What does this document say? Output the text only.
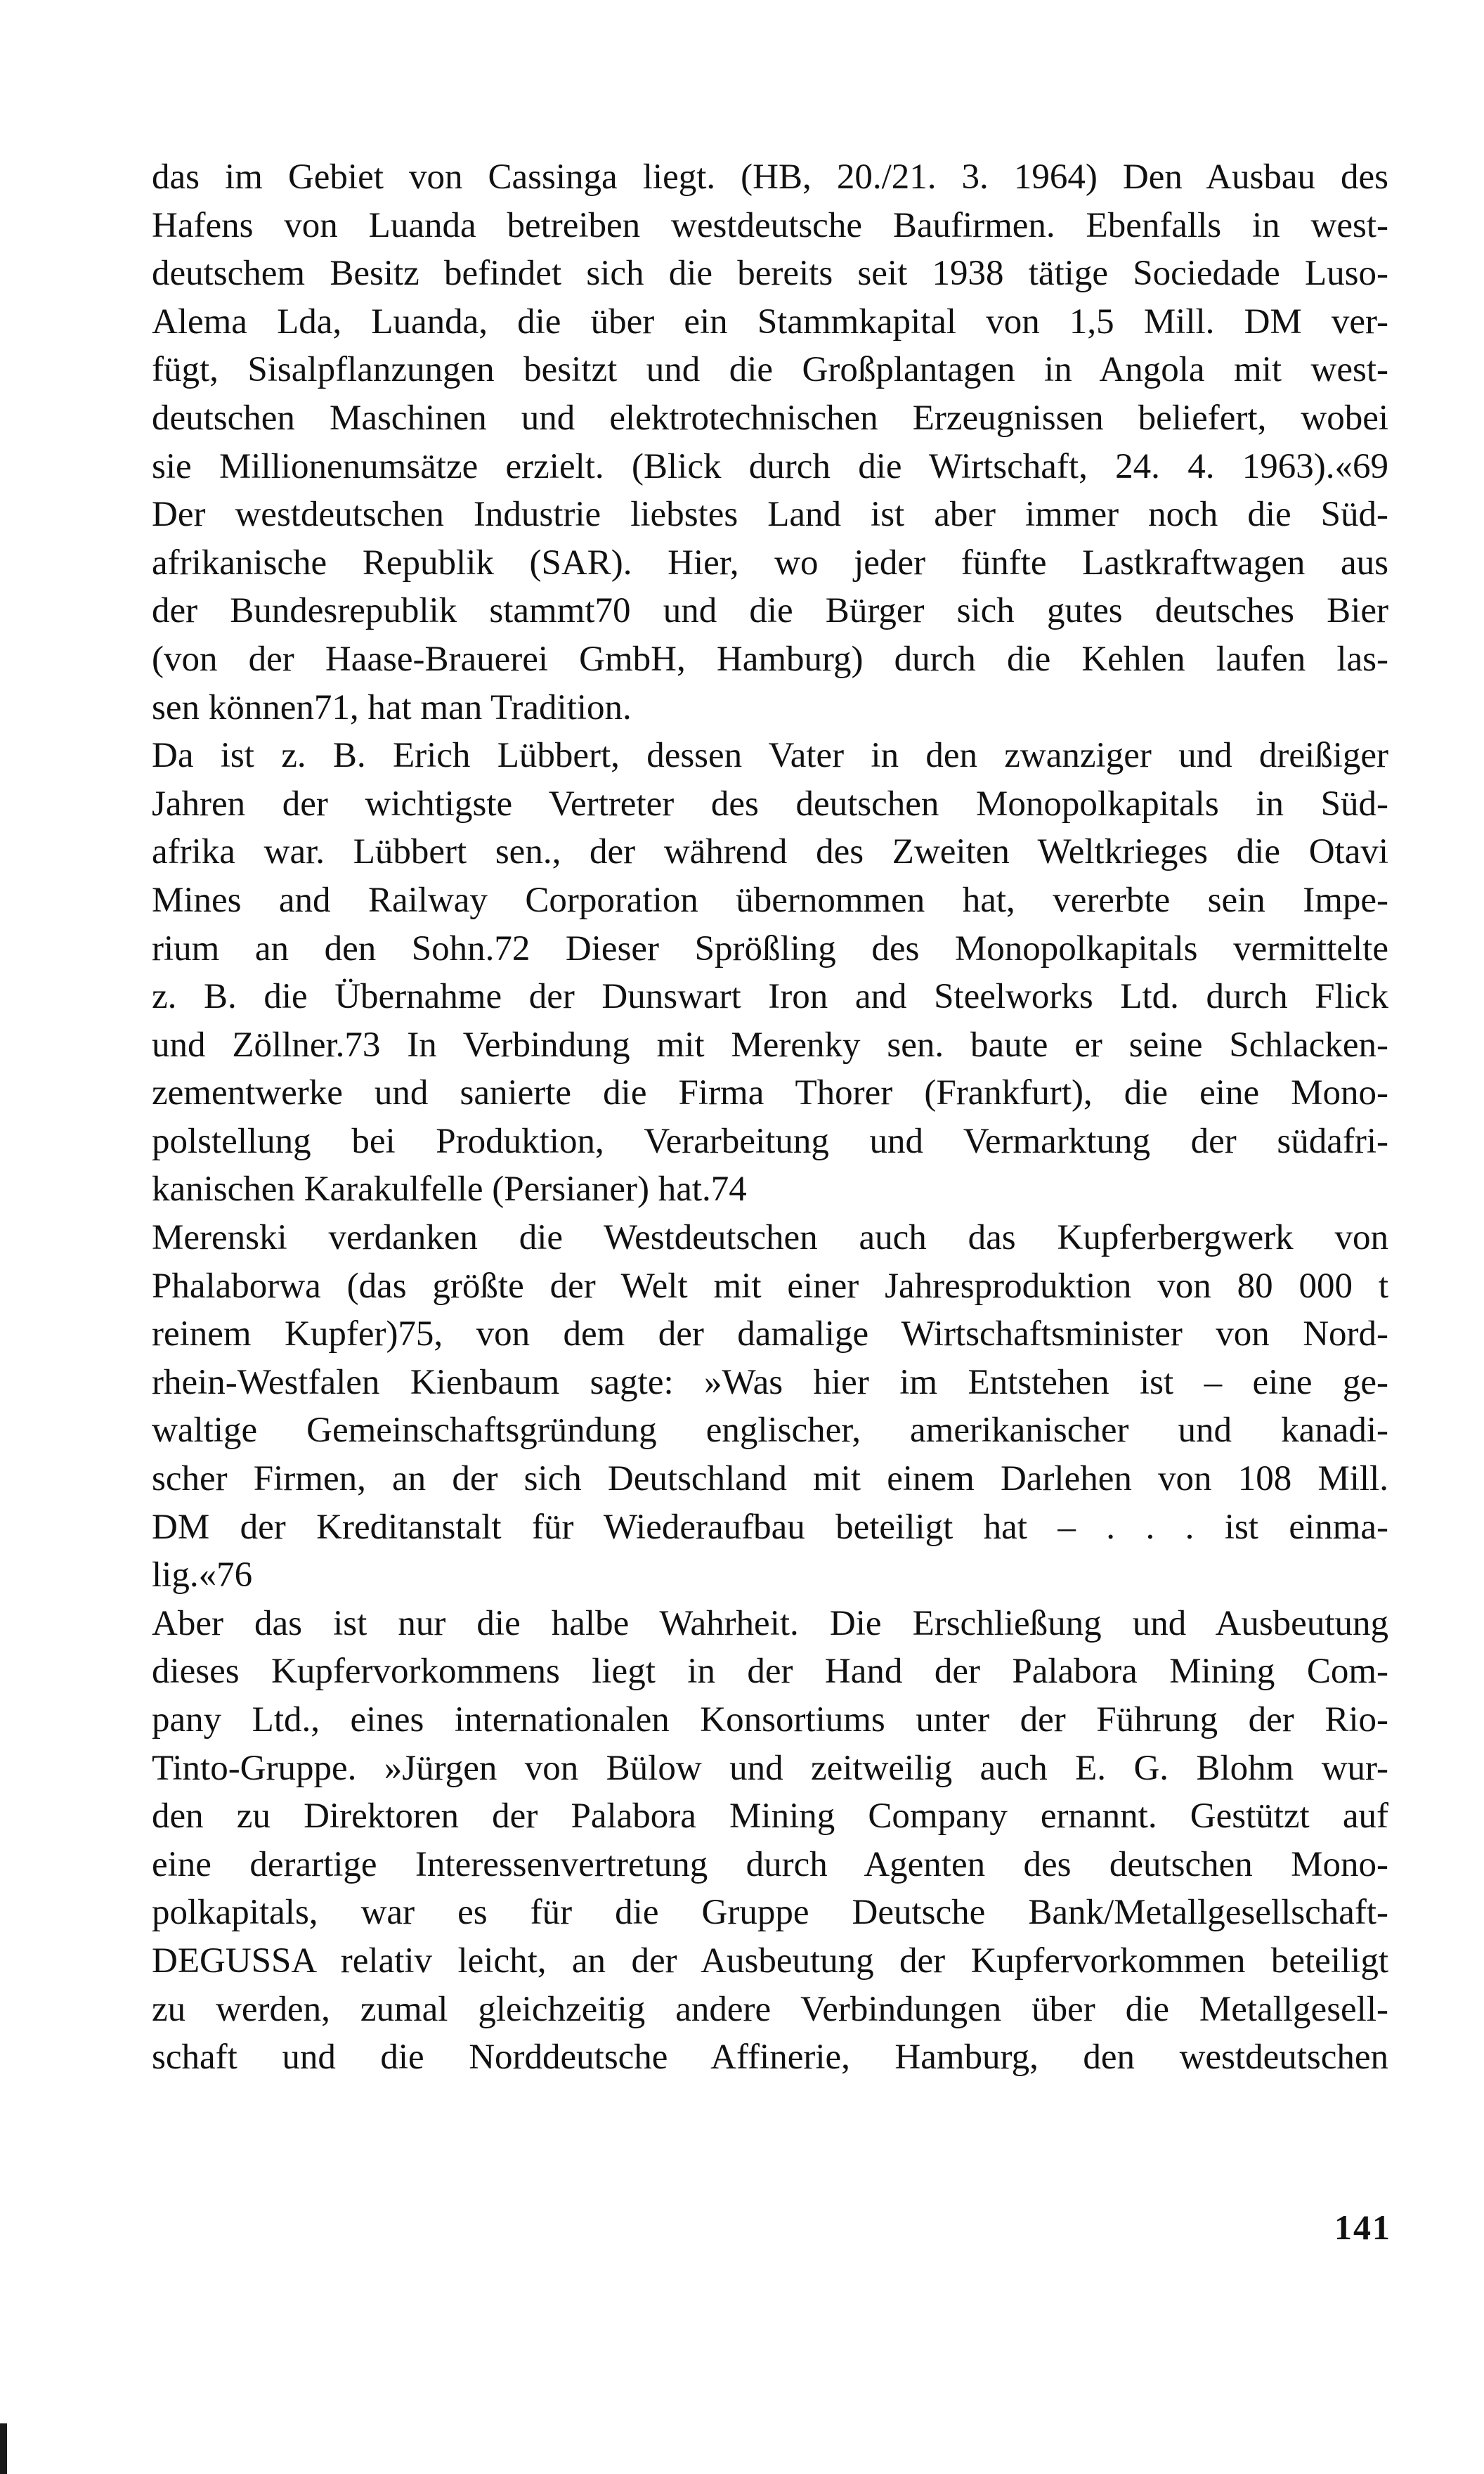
das im Gebiet von Cassinga liegt. (HB, 20./21. 3. 1964) Den Ausbau des
Hafens von Luanda betreiben westdeutsche Baufirmen. Ebenfalls in west-
deutschem Besitz befindet sich die bereits seit 1938 tätige Sociedade Luso-
Alema Lda, Luanda, die über ein Stammkapital von 1,5 Mill. DM ver-
fügt, Sisalpflanzungen besitzt und die Großplantagen in Angola mit west-
deutschen Maschinen und elektrotechnischen Erzeugnissen beliefert, wobei
sie Millionenumsätze erzielt. (Blick durch die Wirtschaft, 24. 4. 1963).«69
Der westdeutschen Industrie liebstes Land ist aber immer noch die Süd-
afrikanische Republik (SAR). Hier, wo jeder fünfte Lastkraftwagen aus
der Bundesrepublik stammt70 und die Bürger sich gutes deutsches Bier
(von der Haase-Brauerei GmbH, Hamburg) durch die Kehlen laufen las-
sen können71, hat man Tradition.
Da ist z. B. Erich Lübbert, dessen Vater in den zwanziger und dreißiger
Jahren der wichtigste Vertreter des deutschen Monopolkapitals in Süd-
afrika war. Lübbert sen., der während des Zweiten Weltkrieges die Otavi
Mines and Railway Corporation übernommen hat, vererbte sein Impe-
rium an den Sohn.72 Dieser Sprößling des Monopolkapitals vermittelte
z. B. die Übernahme der Dunswart Iron and Steelworks Ltd. durch Flick
und Zöllner.73 In Verbindung mit Merenky sen. baute er seine Schlacken-
zementwerke und sanierte die Firma Thorer (Frankfurt), die eine Mono-
polstellung bei Produktion, Verarbeitung und Vermarktung der südafri-
kanischen Karakulfelle (Persianer) hat.74
Merenski verdanken die Westdeutschen auch das Kupferbergwerk von
Phalaborwa (das größte der Welt mit einer Jahresproduktion von 80 000 t
reinem Kupfer)75, von dem der damalige Wirtschaftsminister von Nord-
rhein-Westfalen Kienbaum sagte: »Was hier im Entstehen ist – eine ge-
waltige Gemeinschaftsgründung englischer, amerikanischer und kanadi-
scher Firmen, an der sich Deutschland mit einem Darlehen von 108 Mill.
DM der Kreditanstalt für Wiederaufbau beteiligt hat – . . . ist einma-
lig.«76
Aber das ist nur die halbe Wahrheit. Die Erschließung und Ausbeutung
dieses Kupfervorkommens liegt in der Hand der Palabora Mining Com-
pany Ltd., eines internationalen Konsortiums unter der Führung der Rio-
Tinto-Gruppe. »Jürgen von Bülow und zeitweilig auch E. G. Blohm wur-
den zu Direktoren der Palabora Mining Company ernannt. Gestützt auf
eine derartige Interessenvertretung durch Agenten des deutschen Mono-
polkapitals, war es für die Gruppe Deutsche Bank/Metallgesellschaft-
DEGUSSA relativ leicht, an der Ausbeutung der Kupfervorkommen beteiligt
zu werden, zumal gleichzeitig andere Verbindungen über die Metallgesell-
schaft und die Norddeutsche Affinerie, Hamburg, den westdeutschen
141
